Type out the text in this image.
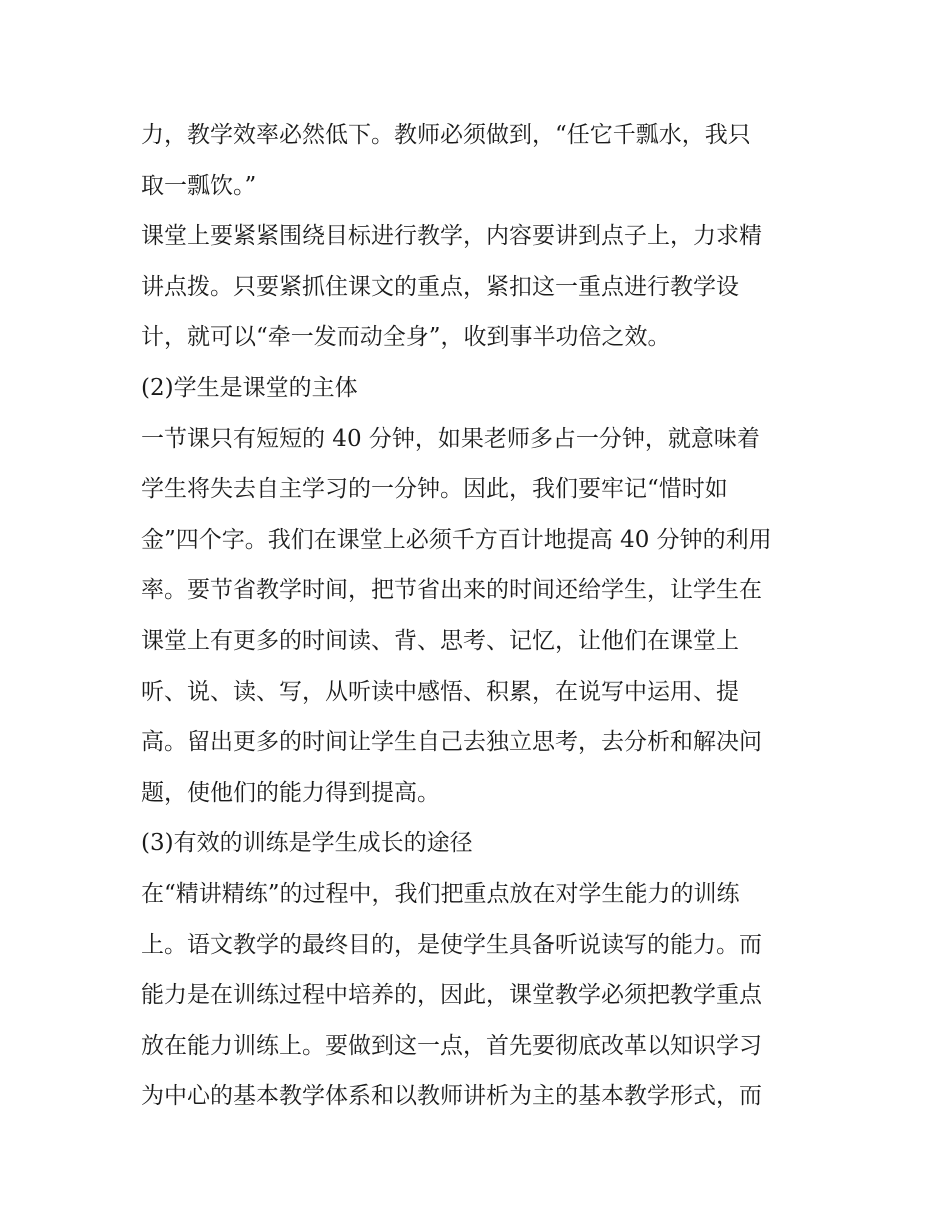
力，教学效率必然低下。教师必须做到，“任它千瓢水，我只
取一瓢饮。”
课堂上要紧紧围绕目标进行教学，内容要讲到点子上，力求精
讲点拨。只要紧抓住课文的重点，紧扣这一重点进行教学设
计，就可以“牵一发而动全身”，收到事半功倍之效。
(2)学生是课堂的主体
一节课只有短短的 40 分钟，如果老师多占一分钟，就意味着
学生将失去自主学习的一分钟。因此，我们要牢记“惜时如
金”四个字。我们在课堂上必须千方百计地提高 40 分钟的利用
率。要节省教学时间，把节省出来的时间还给学生，让学生在
课堂上有更多的时间读、背、思考、记忆，让他们在课堂上
听、说、读、写，从听读中感悟、积累，在说写中运用、提
高。留出更多的时间让学生自己去独立思考，去分析和解决问
题，使他们的能力得到提高。
(3)有效的训练是学生成长的途径
在“精讲精练”的过程中，我们把重点放在对学生能力的训练
上。语文教学的最终目的，是使学生具备听说读写的能力。而
能力是在训练过程中培养的，因此，课堂教学必须把教学重点
放在能力训练上。要做到这一点，首先要彻底改革以知识学习
为中心的基本教学体系和以教师讲析为主的基本教学形式，而
